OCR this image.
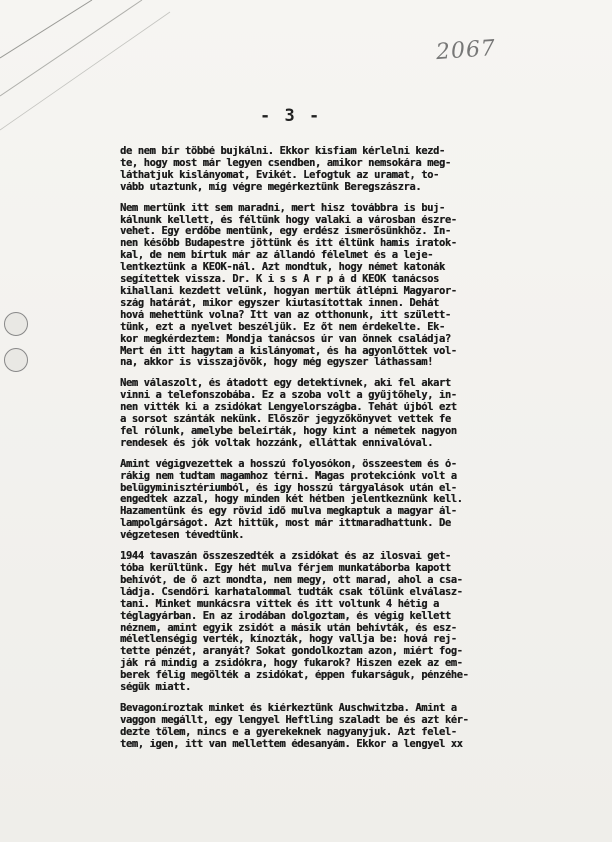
2067
- 3 -
de nem bír többé bujkálni. Ekkor kisfiam kérlelni kezd-
te, hogy most már legyen csendben, amikor nemsokára meg-
láthatjuk kislányomat, Évikét. Lefogtuk az uramat, to-
vább utaztunk, míg végre megérkeztünk Beregszászra.
Nem mertünk itt sem maradni, mert hisz továbbra is buj-
kálnunk kellett, és féltünk hogy valaki a városban észre-
vehet. Egy erdőbe mentünk, egy erdész ismerősünkhöz. In-
nen később Budapestre jöttünk és itt éltünk hamis iratok-
kal, de nem bírtuk már az állandó félelmet és a leje-
lentkeztünk a KEOK-nál. Azt mondtuk, hogy német katonák
segítettek vissza. Dr. K i s s Á r p á d KEOK tanácsos
kihallani kezdett velünk, hogyan mertük átlépni Magyaror-
szág határát, mikor egyszer kiutasítottak innen. Dehát
hová mehettünk volna? Itt van az otthonunk, itt születt-
tünk, ezt a nyelvet beszéljük. Ez őt nem érdekelte. Ek-
kor megkérdeztem: Mondja tanácsos úr van önnek családja?
Mert én itt hagytam a kislányomat, és ha agyonlőttek vol-
na, akkor is visszajövök, hogy még egyszer láthassam!
Nem válaszolt, és átadott egy detektívnek, aki fel akart
vinni a telefonszobába. Ez a szoba volt a gyűjtőhely, in-
nen vitték ki a zsidókat Lengyelországba. Tehát újból ezt
a sorsot szánták nekünk. Először jegyzőkönyvet vettek fe
fel rólunk, amelybe beleírták, hogy kint a németek nagyon
rendesek és jók voltak hozzánk, elláttak ennivalóval.
Amint végigvezettek a hosszú folyosókon, összeestem és ó-
rákig nem tudtam magamhoz térni. Magas protekciónk volt a
belügyminisztériumból, és igy hosszú tárgyalások után el-
engedtek azzal, hogy minden két hétben jelentkeznünk kell.
Hazamentünk és egy rövid idő mulva megkaptuk a magyar ál-
lampolgárságot. Azt hittük, most már ittmaradhattunk. De
végzetesen tévedtünk.
1944 tavaszán összeszedték a zsidókat és az ilosvai get-
tóba kerültünk. Egy hét mulva férjem munkatáborba kapott
behívót, de ő azt mondta, nem megy, ott marad, ahol a csa-
ládja. Csendőri karhatalommal tudták csak tőlünk elválasz-
tani. Minket munkácsra vittek és itt voltunk 4 hétig a
téglagyárban. Én az irodában dolgoztam, és végig kellett
néznem, amint egyik zsidót a másik után behívták, és esz-
méletlenségig verték, kínozták, hogy vallja be: hová rej-
tette pénzét, aranyát? Sokat gondolkoztam azon, miért fog-
ják rá mindig a zsidókra, hogy fukarok? Hiszen ezek az em-
berek félig megölték a zsidókat, éppen fukarságuk, pénzéhe-
ségük miatt.
Bevagoníroztak minket és kiérkeztünk Auschwitzba. Amint a
vaggon megállt, egy lengyel Heftling szaladt be és azt kér-
dezte tőlem, nincs e a gyerekeknek nagyanyjuk. Azt felel-
tem, igen, itt van mellettem édesanyám. Ekkor a lengyel xx
